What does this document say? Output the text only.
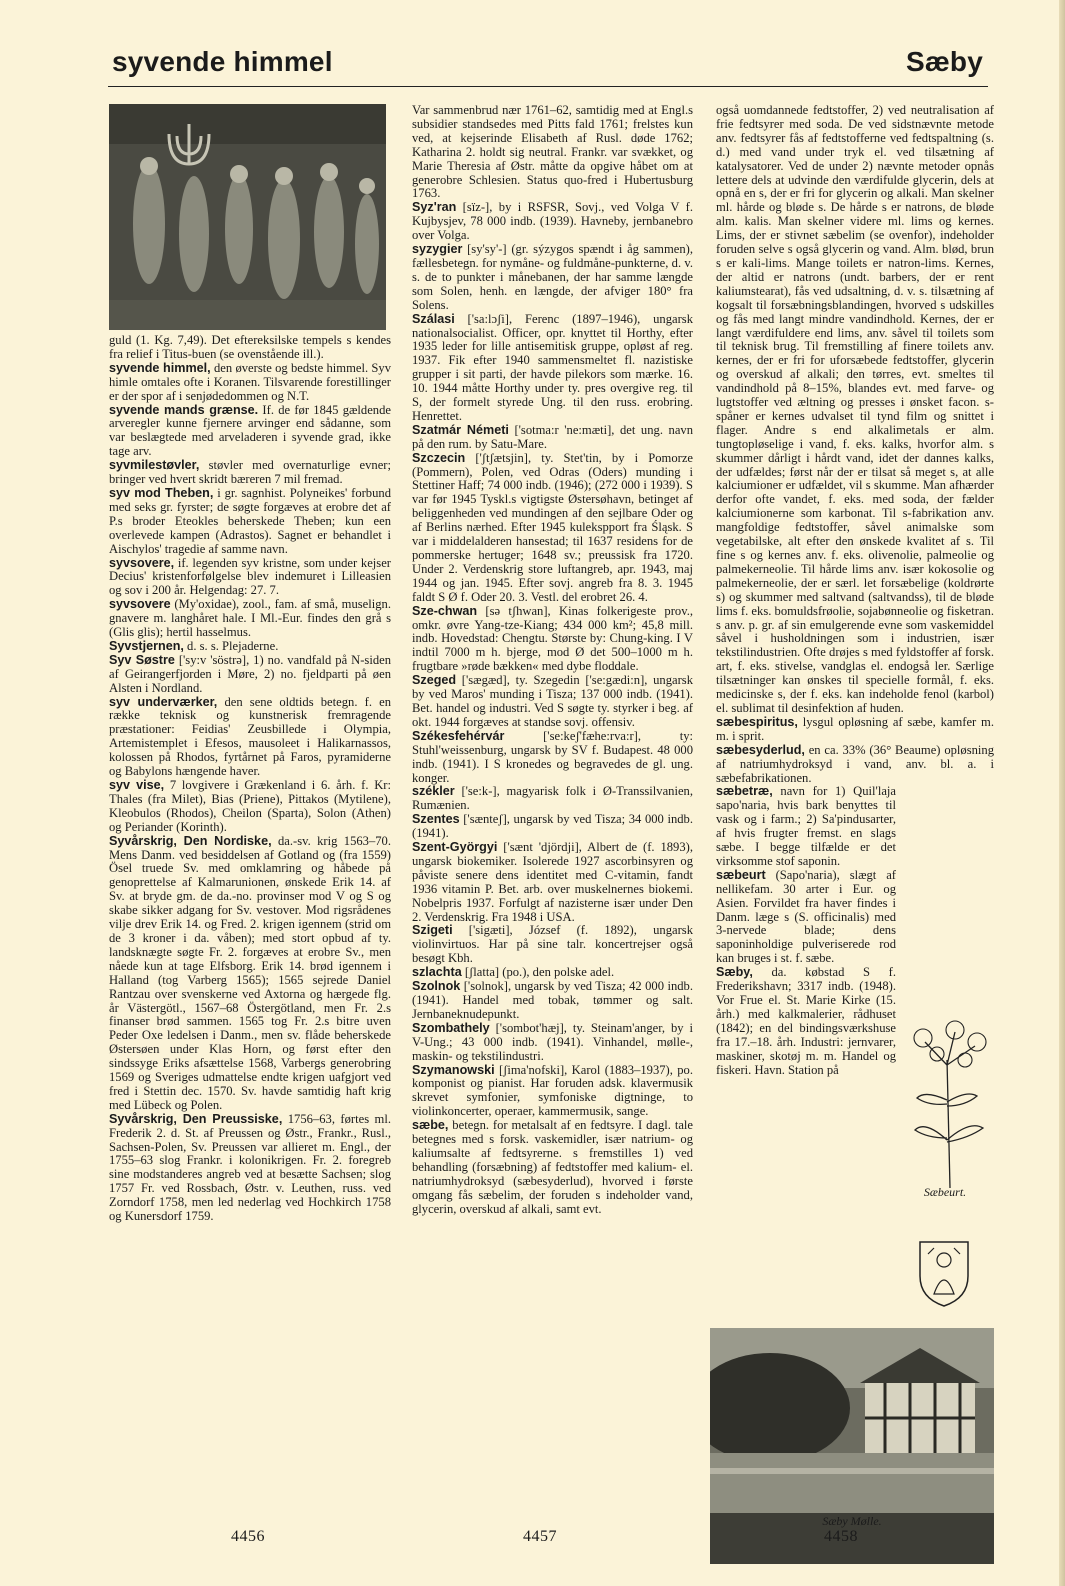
syvende himmel	Sæby

guld (1. Kg. 7,49). Det eftereksilske tempels s kendes fra relief i Titus-buen (se ovenstående ill.).

syvende himmel, den øverste og bedste himmel. Syv himle omtales ofte i Koranen. Tilsvarende forestillinger er der spor af i senjødedommen og N.T.

syvende mands grænse. If. de før 1845 gældende arveregler kunne fjernere arvinger end sådanne, som var beslægtede med arveladeren i syvende grad, ikke tage arv.

syvmilestøvler, støvler med overnaturlige evner; bringer ved hvert skridt bæreren 7 mil fremad.

syv mod Theben, i gr. sagnhist. Polyneikes' forbund med seks gr. fyrster; de søgte forgæves at erobre det af P.s broder Eteokles beherskede Theben; kun een overlevede kampen (Adrastos). Sagnet er behandlet i Aischylos' tragedie af samme navn.

syvsovere, if. legenden syv kristne, som under kejser Decius' kristenforfølgelse blev indemuret i Lilleasien og sov i 200 år. Helgendag: 27. 7.

syvsovere (My'oxidae), zool., fam. af små, muselign. gnavere m. langhåret hale. I Ml.-Eur. findes den grå s (Glis glis); hertil hasselmus.

Syvstjernen, d. s. s. Plejaderne.

Syv Søstre ['sy:v 'söstrə], 1) no. vandfald på N-siden af Geirangerfjorden i Møre, 2) no. fjeldparti på øen Alsten i Nordland.

syv underværker, den sene oldtids betegn. f. en række teknisk og kunstnerisk fremragende præstationer: Feidias' Zeusbillede i Olympia, Artemistemplet i Efesos, mausoleet i Halikarnassos, kolossen på Rhodos, fyrtårnet på Faros, pyramiderne og Babylons hængende haver.

syv vise, 7 lovgivere i Grækenland i 6. årh. f. Kr: Thales (fra Milet), Bias (Priene), Pittakos (Mytilene), Kleobulos (Rhodos), Cheilon (Sparta), Solon (Athen) og Periander (Korinth).

Syvårskrig, Den Nordiske, da.-sv. krig 1563–70. Mens Danm. ved besiddelsen af Gotland og (fra 1559) Ösel truede Sv. med omklamring og håbede på genoprettelse af Kalmarunionen, ønskede Erik 14. af Sv. at bryde gm. de da.-no. provinser mod V og S og skabe sikker adgang for Sv. vestover. Mod rigsrådenes vilje drev Erik 14. og Fred. 2. krigen igennem (strid om de 3 kroner i da. våben); med stort opbud af ty. landsknægte søgte Fr. 2. forgæves at erobre Sv., men nåede kun at tage Elfsborg. Erik 14. brød igennem i Halland (tog Varberg 1565); 1565 sejrede Daniel Rantzau over svenskerne ved Axtorna og hærgede flg. år Västergötl., 1567–68 Östergötland, men Fr. 2.s finanser brød sammen. 1565 tog Fr. 2.s bitre uven Peder Oxe ledelsen i Danm., men sv. flåde beherskede Østersøen under Klas Horn, og først efter den sindssyge Eriks afsættelse 1568, Varbergs generobring 1569 og Sveriges udmattelse endte krigen uafgjort ved fred i Stettin dec. 1570. Sv. havde samtidig haft krig med Lübeck og Polen.

Syvårskrig, Den Preussiske, 1756–63, førtes ml. Frederik 2. d. St. af Preussen og Østr., Frankr., Rusl., Sachsen-Polen, Sv. Preussen var allieret m. Engl., der 1755–63 slog Frankr. i kolonikrigen. Fr. 2. foregreb sine modstanderes angreb ved at besætte Sachsen; slog 1757 Fr. ved Rossbach, Østr. v. Leuthen, russ. ved Zorndorf 1758, men led nederlag ved Hochkirch 1758 og Kunersdorf 1759.

Var sammenbrud nær 1761–62, samtidig med at Engl.s subsidier standsedes med Pitts fald 1761; frelstes kun ved, at kejserinde Elisabeth af Rusl. døde 1762; Katharina 2. holdt sig neutral. Frankr. var svækket, og Marie Theresia af Østr. måtte da opgive håbet om at generobre Schlesien. Status quo-fred i Hubertusburg 1763.

Syz'ran [sïz-], by i RSFSR, Sovj., ved Volga V f. Kujbysjev, 78 000 indb. (1939). Havneby, jernbanebro over Volga.

syzygier [sy'sy'-] (gr. sýzygos spændt i åg sammen), fællesbetegn. for nymåne- og fuldmåne-punkterne, d. v. s. de to punkter i månebanen, der har samme længde som Solen, henh. en længde, der afviger 180° fra Solens.

Szálasi ['sa:lɔʃi], Ferenc (1897–1946), ungarsk nationalsocialist. Officer, opr. knyttet til Horthy, efter 1935 leder for lille antisemitisk gruppe, opløst af reg. 1937. Fik efter 1940 sammensmeltet fl. nazistiske grupper i sit parti, der havde pilekors som mærke. 16. 10. 1944 måtte Horthy under ty. pres overgive reg. til S, der formelt styrede Ung. til den russ. erobring. Henrettet.

Szatmár Németi ['sotma:r 'ne:mæti], det ung. navn på den rum. by Satu-Mare.

Szczecin ['ʃtʃætsjin], ty. Stet'tin, by i Pomorze (Pommern), Polen, ved Odras (Oders) munding i Stettiner Haff; 74 000 indb. (1946); (272 000 i 1939). S var før 1945 Tyskl.s vigtigste Østersøhavn, betinget af beliggenheden ved mundingen af den sejlbare Oder og af Berlins nærhed. Efter 1945 kulekspport fra Śląsk. S var i middelalderen hansestad; til 1637 residens for de pommerske hertuger; 1648 sv.; preussisk fra 1720. Under 2. Verdenskrig store luftangreb, apr. 1943, maj 1944 og jan. 1945. Efter sovj. angreb fra 8. 3. 1945 faldt S Ø f. Oder 20. 3. Vestl. del erobret 26. 4.

Sze-chwan [sə tʃhwan], Kinas folkerigeste prov., omkr. øvre Yang-tze-Kiang; 434 000 km²; 45,8 mill. indb. Hovedstad: Chengtu. Største by: Chung-king. I V indtil 7000 m h. bjerge, mod Ø det 500–1000 m h. frugtbare »røde bækken« med dybe floddale.

Szeged ['sægæd], ty. Szegedin ['se:gædi:n], ungarsk by ved Maros' munding i Tisza; 137 000 indb. (1941). Bet. handel og industri. Ved S søgte ty. styrker i beg. af okt. 1944 forgæves at standse sovj. offensiv.

Székesfehérvár ['se:keʃ'fæhe:rva:r], ty: Stuhl'weissenburg, ungarsk by SV f. Budapest. 48 000 indb. (1941). I S kronedes og begravedes de gl. ung. konger.

székler ['se:k-], magyarisk folk i Ø-Transsilvanien, Rumænien.

Szentes ['sænteʃ], ungarsk by ved Tisza; 34 000 indb. (1941).

Szent-Györgyi ['sænt 'djördji], Albert de (f. 1893), ungarsk biokemiker. Isolerede 1927 ascorbinsyren og påviste senere dens identitet med C-vitamin, fandt 1936 vitamin P. Bet. arb. over muskelnernes biokemi. Nobelpris 1937. Forfulgt af nazisterne især under Den 2. Verdenskrig. Fra 1948 i USA.

Szigeti ['sigæti], József (f. 1892), ungarsk violinvirtuos. Har på sine talr. koncertrejser også besøgt Kbh.

szlachta [ʃlatta] (po.), den polske adel.

Szolnok ['solnok], ungarsk by ved Tisza; 42 000 indb. (1941). Handel med tobak, tømmer og salt. Jernbaneknudepunkt.

Szombathely ['sombot'hæj], ty. Steinam'anger, by i V-Ung.; 43 000 indb. (1941). Vinhandel, mølle-, maskin- og tekstilindustri.

Szymanowski [ʃima'nofski], Karol (1883–1937), po. komponist og pianist. Har foruden adsk. klavermusik skrevet symfonier, symfoniske digtninge, to violinkoncerter, operaer, kammermusik, sange.

sæbe, betegn. for metalsalt af en fedtsyre. I dagl. tale betegnes med s forsk. vaskemidler, især natrium- og kaliumsalte af fedtsyrerne. s fremstilles 1) ved behandling (forsæbning) af fedtstoffer med kalium- el. natriumhydroksyd (sæbesyderlud), hvorved i første omgang fås sæbelim, der foruden s indeholder vand, glycerin, overskud af alkali, samt evt.

også uomdannede fedtstoffer, 2) ved neutralisation af frie fedtsyrer med soda. De ved sidstnævnte metode anv. fedtsyrer fås af fedtstofferne ved fedtspaltning (s. d.) med vand under tryk el. ved tilsætning af katalysatorer. Ved de under 2) nævnte metoder opnås lettere dels at udvinde den værdifulde glycerin, dels at opnå en s, der er fri for glycerin og alkali. Man skelner ml. hårde og bløde s. De hårde s er natrons, de bløde alm. kalis. Man skelner videre ml. lims og kernes. Lims, der er stivnet sæbelim (se ovenfor), indeholder foruden selve s også glycerin og vand. Alm. blød, brun s er kali-lims. Mange toilets er natron-lims. Kernes, der altid er natrons (undt. barbers, der er rent kaliumstearat), fås ved udsaltning, d. v. s. tilsætning af kogsalt til forsæbningsblandingen, hvorved s udskilles og fås med langt mindre vandindhold. Kernes, der er langt værdifuldere end lims, anv. såvel til toilets som til teknisk brug. Til fremstilling af finere toilets anv. kernes, der er fri for uforsæbede fedtstoffer, glycerin og overskud af alkali; den tørres, evt. smeltes til vandindhold på 8–15%, blandes evt. med farve- og lugtstoffer ved æltning og presses i ønsket facon. s-spåner er kernes udvalset til tynd film og snittet i flager. Andre s end alkalimetals er alm. tungtopløselige i vand, f. eks. kalks, hvorfor alm. s skummer dårligt i hårdt vand, idet der dannes kalks, der udfældes; først når der er tilsat så meget s, at alle kalciumioner er udfældet, vil s skumme. Man afhærder derfor ofte vandet, f. eks. med soda, der fælder kalciumionerne som karbonat. Til s-fabrikation anv. mangfoldige fedtstoffer, såvel animalske som vegetabilske, alt efter den ønskede kvalitet af s. Til fine s og kernes anv. f. eks. olivenolie, palmeolie og palmekerneolie. Til hårde lims anv. især kokosolie og palmekerneolie, der er særl. let forsæbelige (koldrørte s) og skummer med saltvand (saltvandss), til de bløde lims f. eks. bomuldsfrøolie, sojabønneolie og fisketran. s anv. p. gr. af sin emulgerende evne som vaskemiddel såvel i husholdningen som i industrien, især tekstilindustrien. Ofte drøjes s med fyldstoffer af forsk. art, f. eks. stivelse, vandglas el. endogså ler. Særlige tilsætninger kan ønskes til specielle formål, f. eks. medicinske s, der f. eks. kan indeholde fenol (karbol) el. sublimat til desinfektion af huden.

sæbespiritus, lysgul opløsning af sæbe, kamfer m. m. i sprit.

sæbesyderlud, en ca. 33% (36° Beaume) opløsning af natriumhydroksyd i vand, anv. bl. a. i sæbefabrikationen.

sæbetræ, navn for 1) Quil'laja sapo'naria, hvis bark benyttes til vask og i farm.; 2) Sa'pindusarter, af hvis frugter fremst. en slags sæbe. I begge tilfælde er det virksomme stof saponin.

sæbeurt (Sapo'naria), slægt af nellikefam. 30 arter i Eur. og Asien. Forvildet fra haver findes i Danm. læge s (S. officinalis) med 3-nervede blade; dens saponinholdige pulveriserede rod kan bruges i st. f. sæbe.

Sæby, da. købstad S f. Frederikshavn; 3317 indb. (1948). Vor Frue el. St. Marie Kirke (15. årh.) med kalkmalerier, rådhuset (1842); en del bindingsværkshuse fra 17.–18. årh. Industri: jernvarer, maskiner, skotøj m. m. Handel og fiskeri. Havn. Station på

Sæbeurt.
Sæby Mølle.
4456	4457	4458
